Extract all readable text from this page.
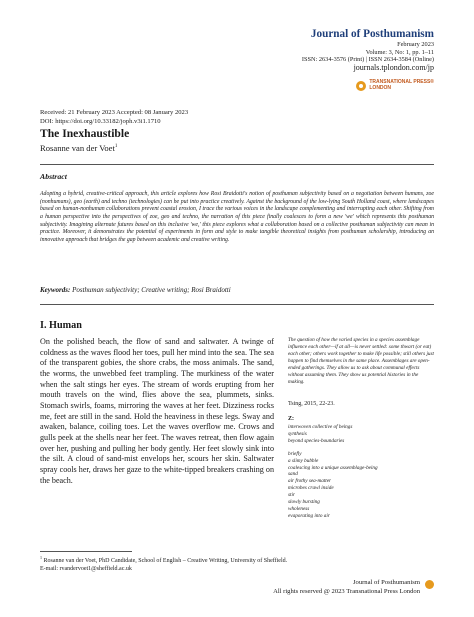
Journal of Posthumanism
February 2023
Volume: 3, No: 1, pp. 1–11
ISSN: 2634-3576 (Print) | ISSN 2634-3584 (Online)
journals.tplondon.com/jp
TRANSNATIONAL PRESS®
LONDON
Received: 21 February 2023 Accepted: 08 January 2023
DOI: https://doi.org/10.33182/joph.v3i1.1710
The Inexhaustible
Rosanne van der Voet$^1$
Abstract

Adopting a hybrid, creative-critical approach, this article explores how Rosi Braidotti's notion of posthuman subjectivity based on a negotiation between humans, zoe (nonhumans), geo (earth) and techno (technologies) can be put into practice creatively. Against the background of the low-lying South Holland coast, where landscapes based on human-nonhuman collaborations prevent coastal erosion, I trace the various voices in the landscape complementing and interrupting each other. Shifting from a human perspective into the perspectives of zoe, geo and techno, the narration of this piece finally coalesces to form a new 'we' which represents this posthuman subjectivity. Imagining alternate futures based on this inclusive 'we,' this piece explores what a collaboration based on a collective posthuman subjectivity can mean in practice. Moreover, it demonstrates the potential of experiments in form and style to make tangible theoretical insights from posthuman scholarship, introducing an innovative approach that bridges the gap between academic and creative writing.

Keywords: Posthuman subjectivity; Creative writing; Rosi Braidotti
I. Human

On the polished beach, the flow of sand and saltwater. A twinge of coldness as the waves flood her toes, pull her mind into the sea. The sea of the transparent gobies, the shore crabs, the moss animals. The sand, the worms, the unwebbed feet trampling. The murkiness of the water when the salt stings her eyes. The stream of words erupting from her mouth travels on the wind, flies above the sea, plummets, sinks. Stomach swirls, foams, mirroring the waves at her feet. Dizziness rocks me, feet are still in the sand. Hold the heaviness in these legs. Sway and awaken, balance, coiling toes. Let the waves overflow me. Crows and gulls peek at the shells near her feet. The waves retreat, then flow again over her, pushing and pulling her body gently. Her feet slowly sink into the silt. A cloud of sand-mist envelops her, scours her skin. Saltwater spray cools her, draws her gaze to the white-tipped breakers crashing on the beach.

The question of how the varied species in a species assemblage influence each other—if at all—is never settled: some thwart (or eat) each other; others work together to make life possible; still others just happen to find themselves in the same place. Assemblages are open-ended gatherings. They allow us to ask about communal effects without assuming them. They show us potential histories in the making.

Tsing, 2015, 22-23.
Z:
interwoven collective of beings
synthesis
beyond species-boundaries
briefly
a slimy bubble
coalescing into a unique assemblage-being
sand
air frothy sea-matter
microbes crawl inside
stir
slowly bursting
wholeness
evaporating into air
$^1$ Rosanne van der Voet, PhD Candidate, School of English – Creative Writing, University of Sheffield.
E-mail: rvandervoet1@sheffield.ac.uk
Journal of Posthumanism
All rights reserved @ 2023 Transnational Press London
